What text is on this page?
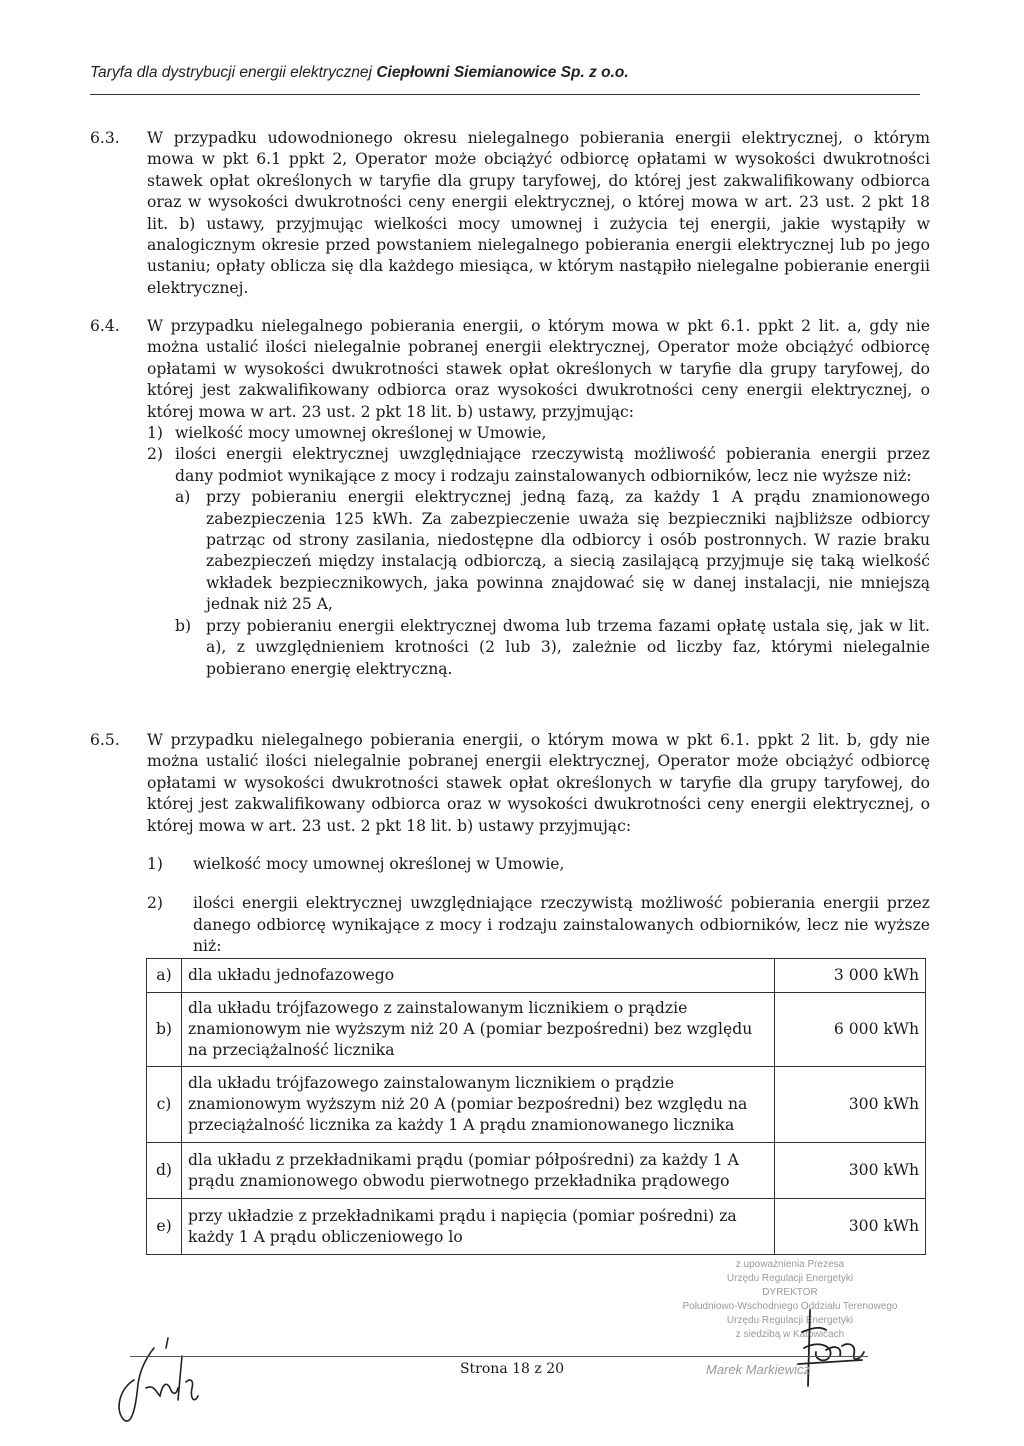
Taryfa dla dystrybucji energii elektrycznej Ciepłowni Siemianowice Sp. z o.o.
6.3. W przypadku udowodnionego okresu nielegalnego pobierania energii elektrycznej, o którym mowa w pkt 6.1 ppkt 2, Operator może obciążyć odbiorcę opłatami w wysokości dwukrotności stawek opłat określonych w taryfie dla grupy taryfowej, do której jest zakwalifikowany odbiorca oraz w wysokości dwukrotności ceny energii elektrycznej, o której mowa w art. 23 ust. 2 pkt 18 lit. b) ustawy, przyjmując wielkości mocy umownej i zużycia tej energii, jakie wystąpiły w analogicznym okresie przed powstaniem nielegalnego pobierania energii elektrycznej lub po jego ustaniu; opłaty oblicza się dla każdego miesiąca, w którym nastąpiło nielegalne pobieranie energii elektrycznej.
6.4. W przypadku nielegalnego pobierania energii, o którym mowa w pkt 6.1. ppkt 2 lit. a, gdy nie można ustalić ilości nielegalnie pobranej energii elektrycznej, Operator może obciążyć odbiorcę opłatami w wysokości dwukrotności stawek opłat określonych w taryfie dla grupy taryfowej, do której jest zakwalifikowany odbiorca oraz wysokości dwukrotności ceny energii elektrycznej, o której mowa w art. 23 ust. 2 pkt 18 lit. b) ustawy, przyjmując:
1) wielkość mocy umownej określonej w Umowie,
2) ilości energii elektrycznej uwzględniające rzeczywistą możliwość pobierania energii przez dany podmiot wynikające z mocy i rodzaju zainstalowanych odbiorników, lecz nie wyższe niż:
a) przy pobieraniu energii elektrycznej jedną fazą, za każdy 1 A prądu znamionowego zabezpieczenia 125 kWh. Za zabezpieczenie uważa się bezpieczniki najbliższe odbiorcy patrząc od strony zasilania, niedostępne dla odbiorcy i osób postronnych. W razie braku zabezpieczeń między instalacją odbiorczą, a siecią zasilającą przyjmuje się taką wielkość wkładek bezpiecznikowych, jaka powinna znajdować się w danej instalacji, nie mniejszą jednak niż 25 A,
b) przy pobieraniu energii elektrycznej dwoma lub trzema fazami opłatę ustala się, jak w lit. a), z uwzględnieniem krotności (2 lub 3), zależnie od liczby faz, którymi nielegalnie pobierano energię elektryczną.
6.5. W przypadku nielegalnego pobierania energii, o którym mowa w pkt 6.1. ppkt 2 lit. b, gdy nie można ustalić ilości nielegalnie pobranej energii elektrycznej, Operator może obciążyć odbiorcę opłatami w wysokości dwukrotności stawek opłat określonych w taryfie dla grupy taryfowej, do której jest zakwalifikowany odbiorca oraz w wysokości dwukrotności ceny energii elektrycznej, o której mowa w art. 23 ust. 2 pkt 18 lit. b) ustawy przyjmując:
1) wielkość mocy umownej określonej w Umowie,
2) ilości energii elektrycznej uwzględniające rzeczywistą możliwość pobierania energii przez danego odbiorcę wynikające z mocy i rodzaju zainstalowanych odbiorników, lecz nie wyższe niż:
a)	dla układu jednofazowego	3 000 kWh
b)	dla układu trójfazowego z zainstalowanym licznikiem o prądzie znamionowym nie wyższym niż 20 A (pomiar bezpośredni) bez względu na przeciążalność licznika	6 000 kWh
c)	dla układu trójfazowego zainstalowanym licznikiem o prądzie znamionowym wyższym niż 20 A (pomiar bezpośredni) bez względu na przeciążalność licznika za każdy 1 A prądu znamionowanego licznika	300 kWh
d)	dla układu z przekładnikami prądu (pomiar półpośredni) za każdy 1 A prądu znamionowego obwodu pierwotnego przekładnika prądowego	300 kWh
e)	przy układzie z przekładnikami prądu i napięcia (pomiar pośredni) za każdy 1 A prądu obliczeniowego lo	300 kWh
z upoważnienia Prezesa
Urzędu Regulacji Energetyki
DYREKTOR
Południowo-Wschodniego Oddziału Terenowego
Urzędu Regulacji Energetyki
z siedzibą w Katowicach
Strona 18 z 20	Marek Markiewicz
